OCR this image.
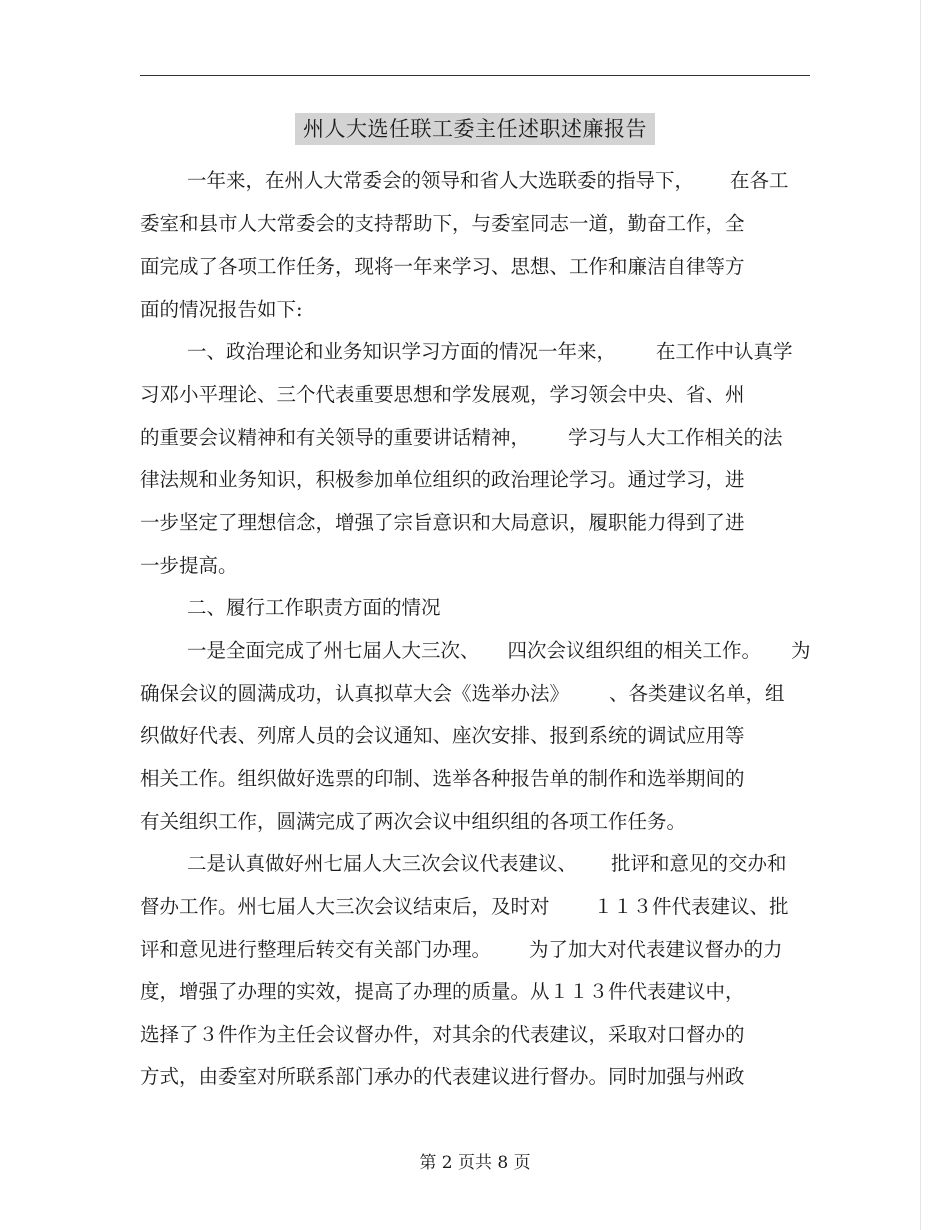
州人大选任联工委主任述职述廉报告
一年来，在州人大常委会的领导和省人大选联委的指导下， 在各工
委室和县市人大常委会的支持帮助下，与委室同志一道，勤奋工作，全
面完成了各项工作任务，现将一年来学习、思想、工作和廉洁自律等方
面的情况报告如下:
一、政治理论和业务知识学习方面的情况一年来， 在工作中认真学
习邓小平理论、三个代表重要思想和学发展观，学习领会中央、省、州
的重要会议精神和有关领导的重要讲话精神， 学习与人大工作相关的法
律法规和业务知识，积极参加单位组织的政治理论学习。通过学习，进
一步坚定了理想信念，增强了宗旨意识和大局意识，履职能力得到了进
一步提高。
二、履行工作职责方面的情况
一是全面完成了州七届人大三次、 四次会议组织组的相关工作。 为
确保会议的圆满成功，认真拟草大会《选举办法》 、各类建议名单，组
织做好代表、列席人员的会议通知、座次安排、报到系统的调试应用等
相关工作。组织做好选票的印制、选举各种报告单的制作和选举期间的
有关组织工作，圆满完成了两次会议中组织组的各项工作任务。
二是认真做好州七届人大三次会议代表建议、 批评和意见的交办和
督办工作。州七届人大三次会议结束后，及时对 １１３件代表建议、批
评和意见进行整理后转交有关部门办理。 为了加大对代表建议督办的力
度，增强了办理的实效，提高了办理的质量。从１１３件代表建议中，
选择了３件作为主任会议督办件，对其余的代表建议，采取对口督办的
方式，由委室对所联系部门承办的代表建议进行督办。同时加强与州政
第 2 页共 8 页
